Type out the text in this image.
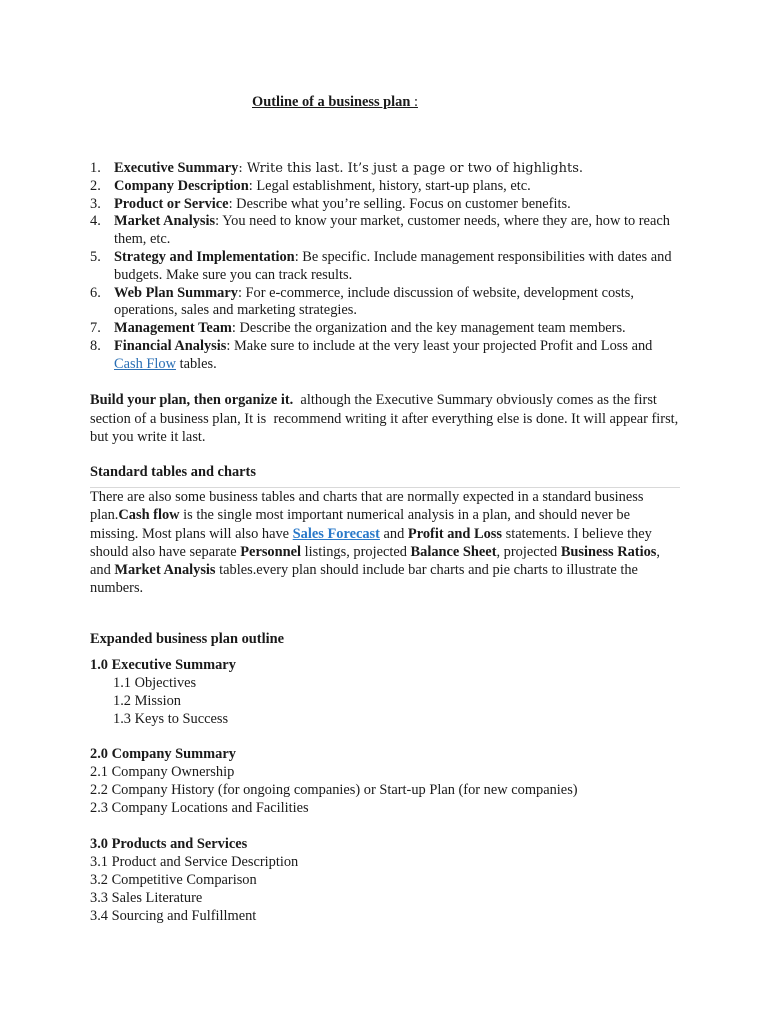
Outline of a business plan :
1. Executive Summary: Write this last. It’s just a page or two of highlights.
2. Company Description: Legal establishment, history, start-up plans, etc.
3. Product or Service: Describe what you’re selling. Focus on customer benefits.
4. Market Analysis: You need to know your market, customer needs, where they are, how to reach them, etc.
5. Strategy and Implementation: Be specific. Include management responsibilities with dates and budgets. Make sure you can track results.
6. Web Plan Summary: For e-commerce, include discussion of website, development costs, operations, sales and marketing strategies.
7. Management Team: Describe the organization and the key management team members.
8. Financial Analysis: Make sure to include at the very least your projected Profit and Loss and Cash Flow tables.

Build your plan, then organize it.  although the Executive Summary obviously comes as the first section of a business plan, It is  recommend writing it after everything else is done. It will appear first, but you write it last.

Standard tables and charts

There are also some business tables and charts that are normally expected in a standard business plan.Cash flow is the single most important numerical analysis in a plan, and should never be missing. Most plans will also have Sales Forecast and Profit and Loss statements. I believe they should also have separate Personnel listings, projected Balance Sheet, projected Business Ratios, and Market Analysis tables.every plan should include bar charts and pie charts to illustrate the numbers.

Expanded business plan outline
1.0 Executive Summary
1.1 Objectives
1.2 Mission
1.3 Keys to Success
2.0 Company Summary
2.1 Company Ownership
2.2 Company History (for ongoing companies) or Start-up Plan (for new companies)
2.3 Company Locations and Facilities
3.0 Products and Services
3.1 Product and Service Description
3.2 Competitive Comparison
3.3 Sales Literature
3.4 Sourcing and Fulfillment
